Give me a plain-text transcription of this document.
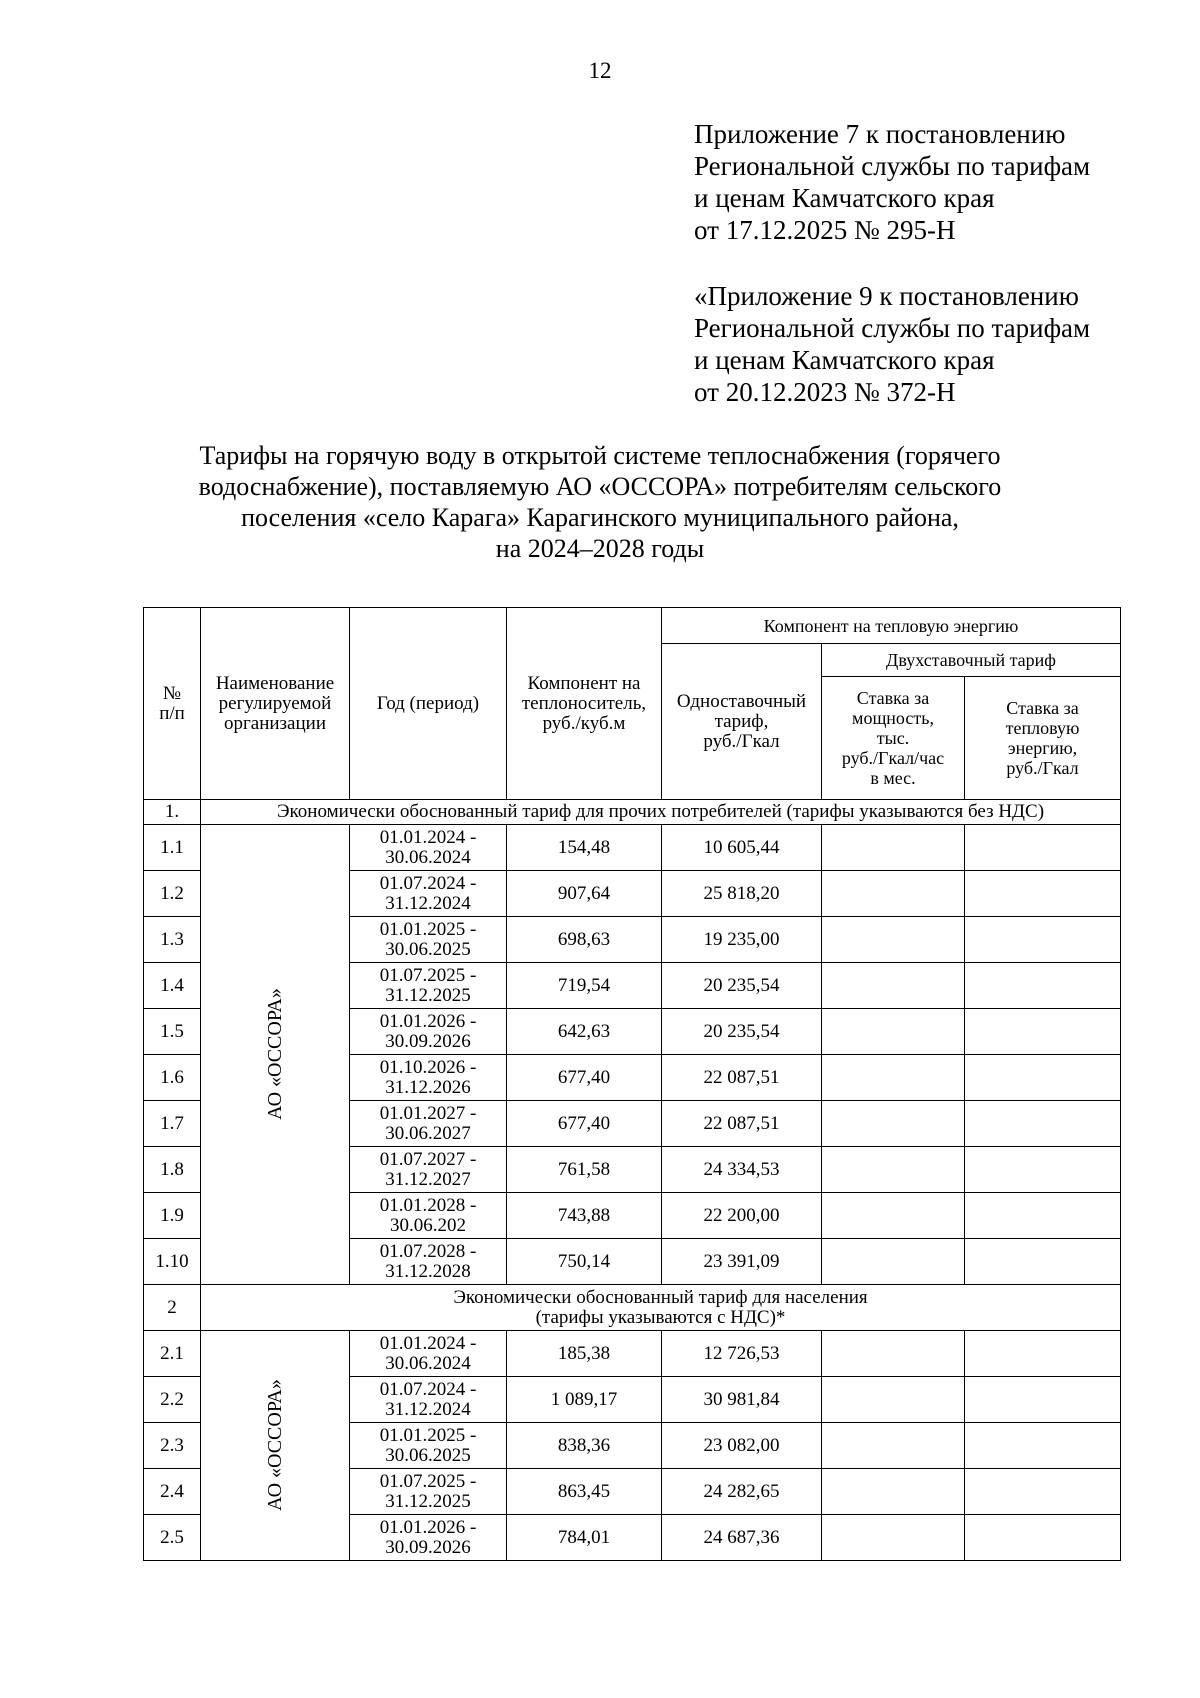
12
Приложение 7 к постановлению
Региональной службы по тарифам
и ценам Камчатского края
от 17.12.2025 № 295-Н
«Приложение 9 к постановлению
Региональной службы по тарифам
и ценам Камчатского края
от 20.12.2023 № 372-Н
Тарифы на горячую воду в открытой системе теплоснабжения (горячего
водоснабжение), поставляемую АО «ОССОРА» потребителям сельского
поселения «село Карага» Карагинского муниципального района,
на 2024–2028 годы
№
п/п	Наименование
регулируемой
организации	Год (период)	Компонент на
теплоноситель,
руб./куб.м	Компонент на тепловую энергию		
				Одноставочный
тариф,
руб./Гкал	Двухставочный тариф	
					Ставка за
мощность,
тыс.
руб./Гкал/час
в мес.	Ставка за
тепловую
энергию,
руб./Гкал
1.	Экономически обоснованный тариф для прочих потребителей (тарифы указываются без НДС)					
1.1	АО «ОССОРА»	01.01.2024 -
30.06.2024	154,48	10 605,44		
1.2		01.07.2024 -
31.12.2024	907,64	25 818,20		
1.3		01.01.2025 -
30.06.2025	698,63	19 235,00		
1.4		01.07.2025 -
31.12.2025	719,54	20 235,54		
1.5		01.01.2026 -
30.09.2026	642,63	20 235,54		
1.6		01.10.2026 -
31.12.2026	677,40	22 087,51		
1.7		01.01.2027 -
30.06.2027	677,40	22 087,51		
1.8		01.07.2027 -
31.12.2027	761,58	24 334,53		
1.9		01.01.2028 -
30.06.202	743,88	22 200,00		
1.10		01.07.2028 -
31.12.2028	750,14	23 391,09		
2	Экономически обоснованный тариф для населения
(тарифы указываются с НДС)*					
2.1	АО «ОССОРА»	01.01.2024 -
30.06.2024	185,38	12 726,53		
2.2		01.07.2024 -
31.12.2024	1 089,17	30 981,84		
2.3		01.01.2025 -
30.06.2025	838,36	23 082,00		
2.4		01.07.2025 -
31.12.2025	863,45	24 282,65		
2.5		01.01.2026 -
30.09.2026	784,01	24 687,36		
